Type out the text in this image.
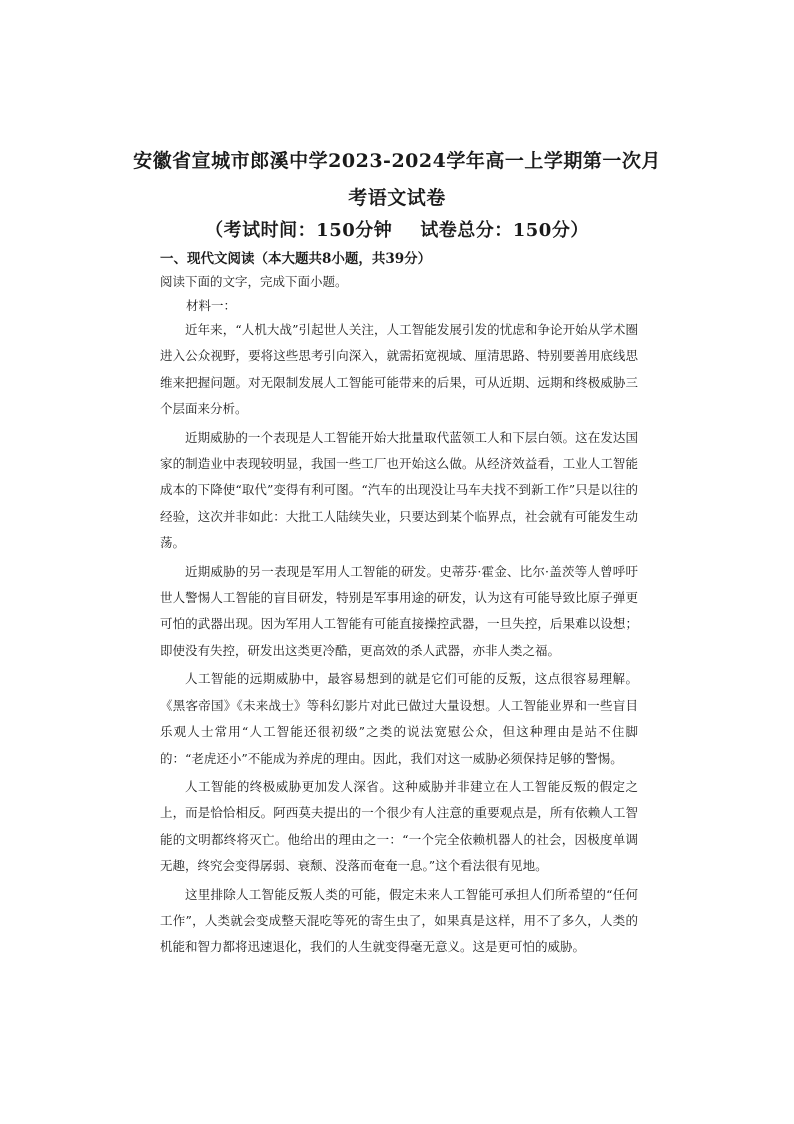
安徽省宣城市郎溪中学2023-2024学年高一上学期第一次月
考语文试卷
（考试时间：150分钟 试卷总分：150分）
一、现代文阅读（本大题共8小题，共39分）
阅读下面的文字，完成下面小题。
材料一：

近年来，“人机大战”引起世人关注，人工智能发展引发的忧虑和争论开始从学术圈进入公众视野，要将这些思考引向深入，就需拓宽视域、厘清思路、特别要善用底线思维来把握问题。对无限制发展人工智能可能带来的后果，可从近期、远期和终极威胁三个层面来分析。

近期威胁的一个表现是人工智能开始大批量取代蓝领工人和下层白领。这在发达国家的制造业中表现较明显，我国一些工厂也开始这么做。从经济效益看，工业人工智能成本的下降使“取代”变得有利可图。“汽车的出现没让马车夫找不到新工作”只是以往的经验，这次并非如此：大批工人陆续失业，只要达到某个临界点，社会就有可能发生动荡。

近期威胁的另一表现是军用人工智能的研发。史蒂芬·霍金、比尔·盖茨等人曾呼吁世人警惕人工智能的盲目研发，特别是军事用途的研发，认为这有可能导致比原子弹更可怕的武器出现。因为军用人工智能有可能直接操控武器，一旦失控，后果难以设想；即使没有失控，研发出这类更冷酷，更高效的杀人武器，亦非人类之福。

人工智能的远期威胁中，最容易想到的就是它们可能的反叛，这点很容易理解。《黑客帝国》《未来战士》等科幻影片对此已做过大量设想。人工智能业界和一些盲目乐观人士常用“人工智能还很初级”之类的说法宽慰公众，但这种理由是站不住脚的：“老虎还小”不能成为养虎的理由。因此，我们对这一威胁必须保持足够的警惕。

人工智能的终极威胁更加发人深省。这种威胁并非建立在人工智能反叛的假定之上，而是恰恰相反。阿西莫夫提出的一个很少有人注意的重要观点是，所有依赖人工智能的文明都终将灭亡。他给出的理由之一：“一个完全依赖机器人的社会，因极度单调无趣，终究会变得孱弱、衰颓、没落而奄奄一息。”这个看法很有见地。

这里排除人工智能反叛人类的可能，假定未来人工智能可承担人们所希望的“任何工作”，人类就会变成整天混吃等死的寄生虫了，如果真是这样，用不了多久，人类的机能和智力都将迅速退化，我们的人生就变得毫无意义。这是更可怕的威胁。
